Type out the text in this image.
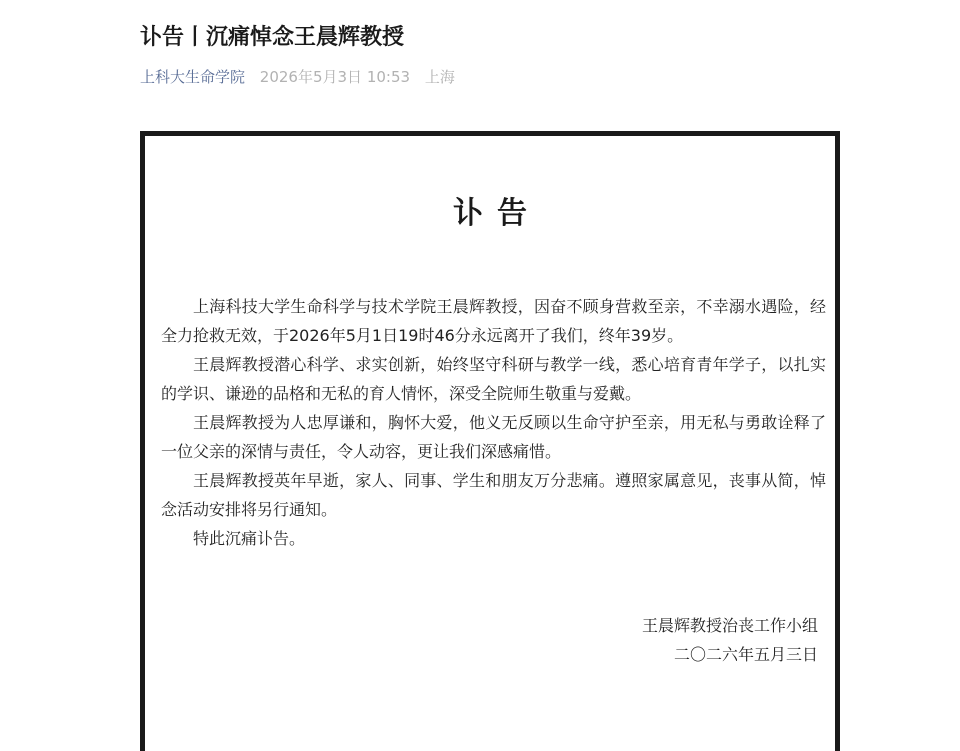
讣告丨沉痛悼念王晨辉教授
上科大生命学院 2026年5月3日 10:53 上海
讣告

上海科技大学生命科学与技术学院王晨辉教授，因奋不顾身营救至亲，不幸溺水遇险，经全力抢救无效，于2026年5月1日19时46分永远离开了我们，终年39岁。

王晨辉教授潜心科学、求实创新，始终坚守科研与教学一线，悉心培育青年学子，以扎实的学识、谦逊的品格和无私的育人情怀，深受全院师生敬重与爱戴。

王晨辉教授为人忠厚谦和，胸怀大爱，他义无反顾以生命守护至亲，用无私与勇敢诠释了一位父亲的深情与责任，令人动容，更让我们深感痛惜。

王晨辉教授英年早逝，家人、同事、学生和朋友万分悲痛。遵照家属意见，丧事从简，悼念活动安排将另行通知。

特此沉痛讣告。

王晨辉教授治丧工作小组
二〇二六年五月三日
